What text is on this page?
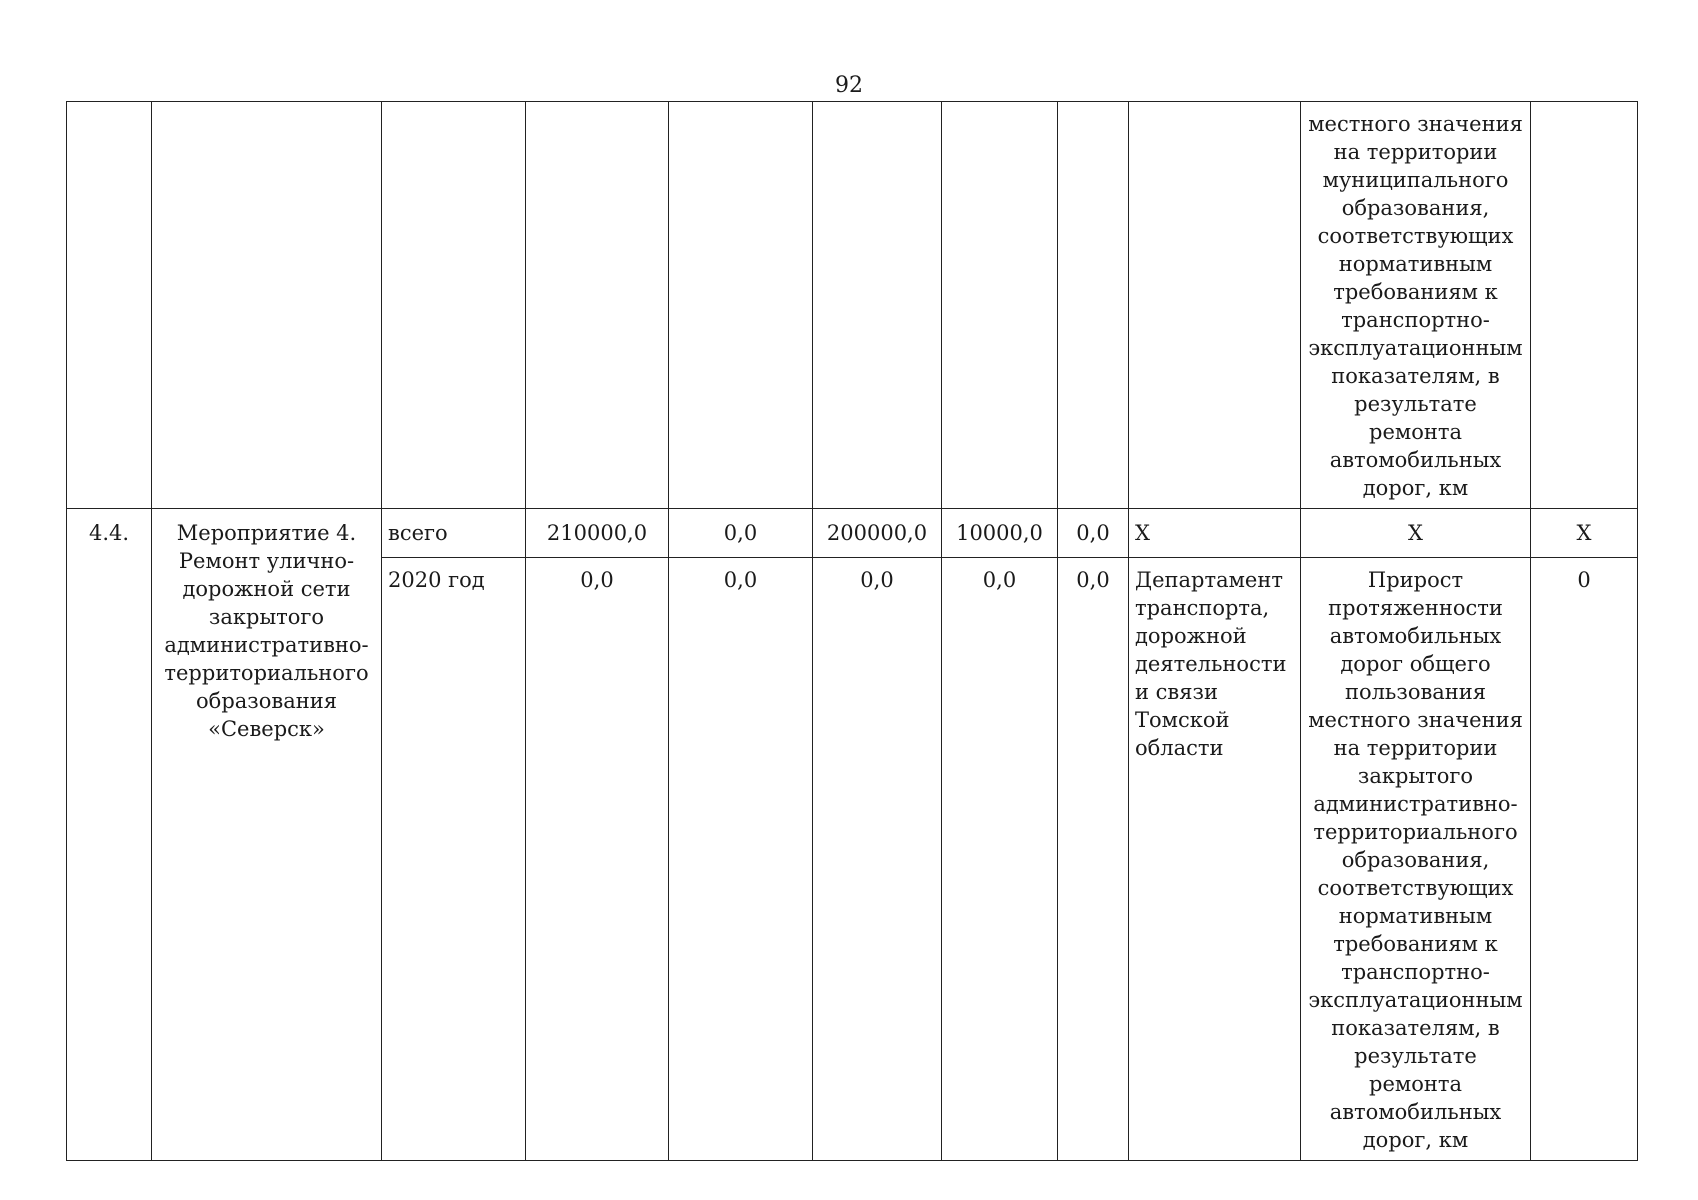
92
									местного значения на территории муниципального образования, соответствующих нормативным требованиям к транспортно-эксплуатационным показателям, в результате ремонта автомобильных дорог, км	
4.4.	Мероприятие 4. Ремонт улично-дорожной сети закрытого административно-территориального образования «Северск»	всего	210000,0	0,0	200000,0	10000,0	0,0	Х	Х	Х
		2020 год	0,0	0,0	0,0	0,0	0,0	Департамент транспорта, дорожной деятельности и связи Томской области	Прирост протяженности автомобильных дорог общего пользования местного значения на территории закрытого административно-территориального образования, соответствующих нормативным требованиям к транспортно-эксплуатационным показателям, в результате ремонта автомобильных дорог, км	0
